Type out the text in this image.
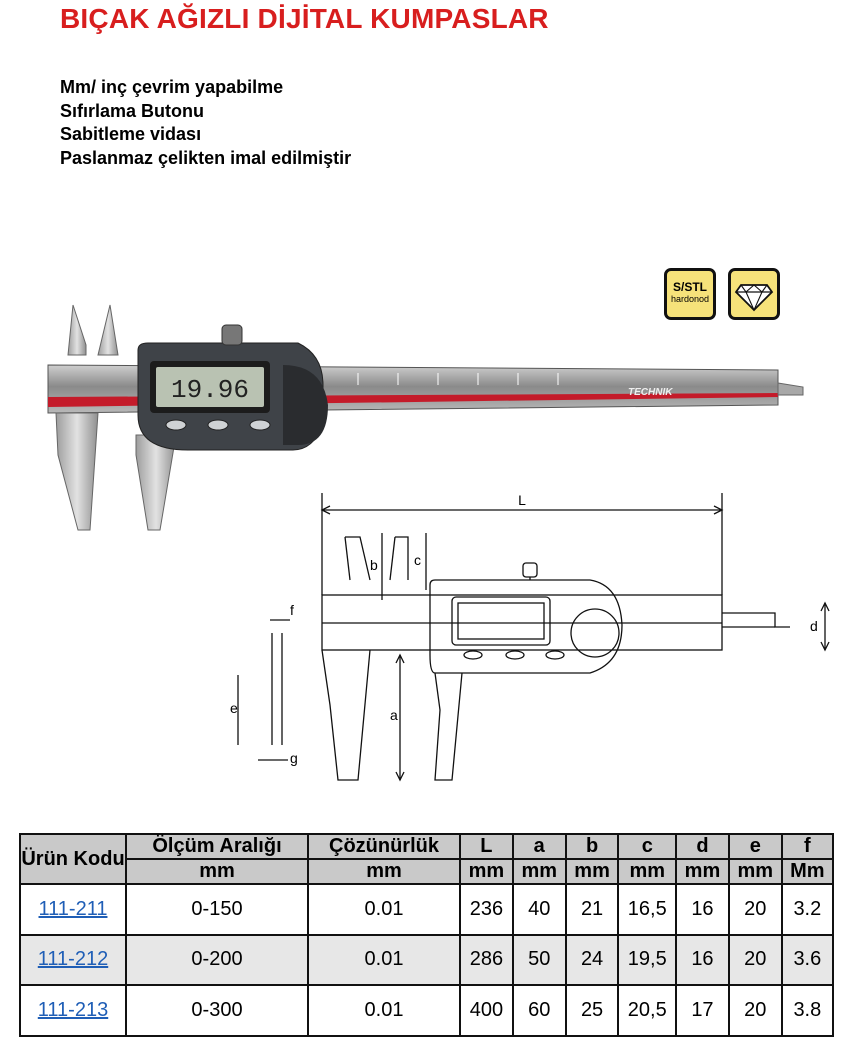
BIÇAK AĞIZLI DİJİTAL KUMPASLAR
Mm/ inç çevrim yapabilme
Sıfırlama Butonu
Sabitleme vidası
Paslanmaz çelikten imal edilmiştir
S/STL
hardonod
TECHNIK
19.96
L
a
b	c
d
e
f
g
Ürün Kodu	Ölçüm Aralığı	Çözünürlük	L	a	b	c	d	e	f
	mm	mm	mm	mm	mm	mm	mm	mm	Mm
111-211	0-150	0.01	236	40	21	16,5	16	20	3.2
111-212	0-200	0.01	286	50	24	19,5	16	20	3.6
111-213	0-300	0.01	400	60	25	20,5	17	20	3.8
